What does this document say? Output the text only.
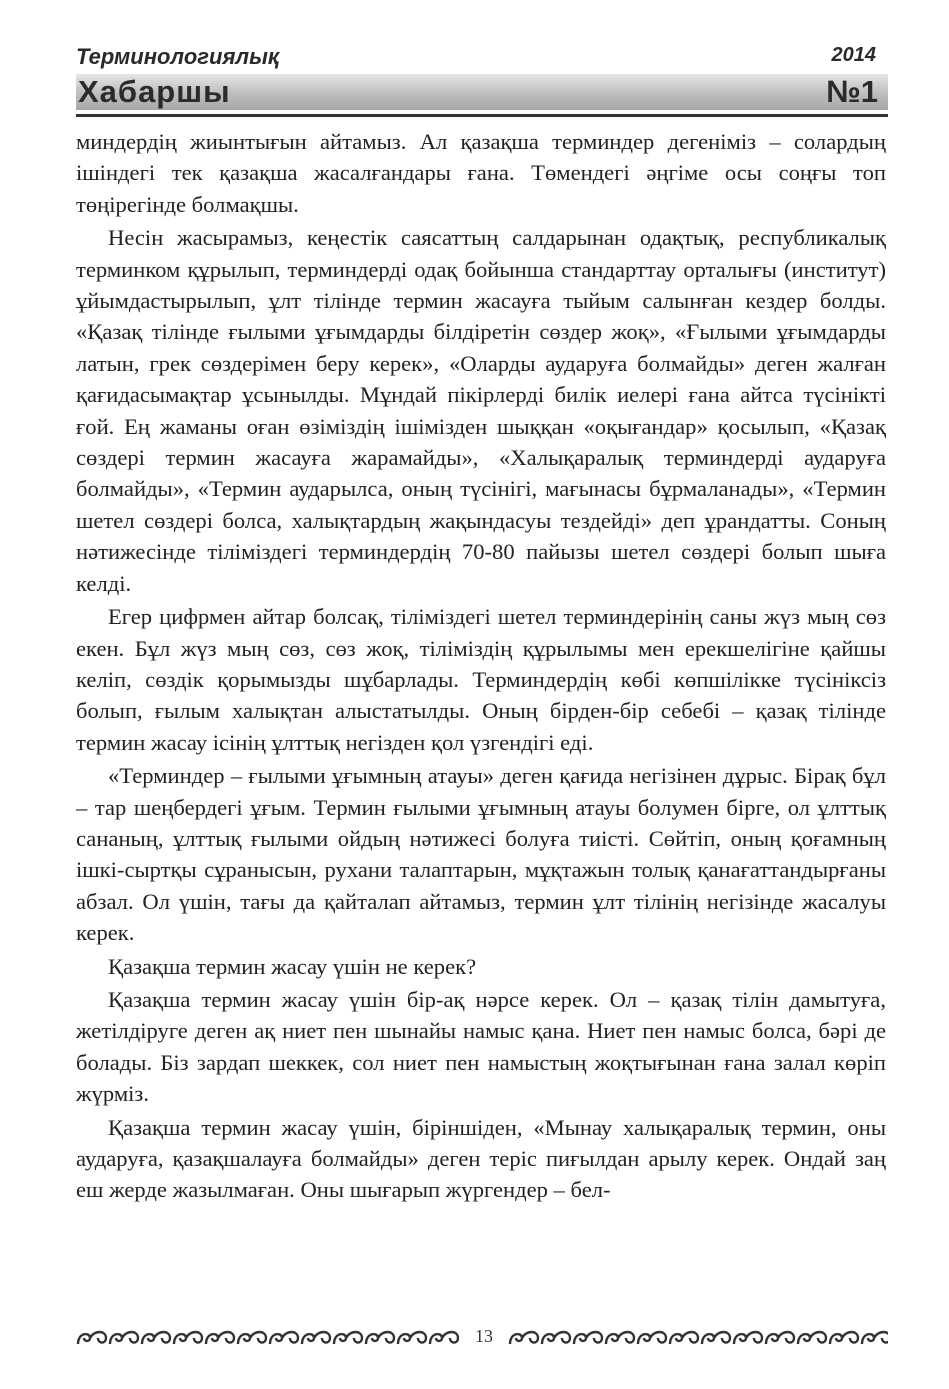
Терминологиялық	2014
Хабаршы	№1

миндердің жиынтығын айтамыз. Ал қазақша терминдер дегеніміз – солардың ішіндегі тек қазақша жасалғандары ғана. Төмендегі әңгіме осы соңғы топ төңірегінде болмақшы.

Несін жасырамыз, кеңестік саясаттың салдарынан одақтық, республикалық терминком құрылып, терминдерді одақ бойынша стандарттау орталығы (институт) ұйымдастырылып, ұлт тілінде термин жасауға тыйым салынған кездер болды. «Қазақ тілінде ғылыми ұғымдарды білдіретін сөздер жоқ», «Ғылыми ұғымдарды латын, грек сөздерімен беру керек», «Оларды аударуға болмайды» деген жалған қағидасымақтар ұсынылды. Мұндай пікірлерді билік иелері ғана айтса түсінікті ғой. Ең жаманы оған өзіміздің ішімізден шыққан «оқығандар» қосылып, «Қазақ сөздері термин жасауға жарамайды», «Халықаралық терминдерді аударуға болмайды», «Термин аударылса, оның түсінігі, мағынасы бұрмаланады», «Термин шетел сөздері болса, халықтардың жақындасуы тездейді» деп ұрандатты. Соның нәтижесінде тіліміздегі терминдердің 70-80 пайызы шетел сөздері болып шыға келді.

Егер цифрмен айтар болсақ, тіліміздегі шетел терминдерінің саны жүз мың сөз екен. Бұл жүз мың сөз, сөз жоқ, тіліміздің құрылымы мен ерекшелігіне қайшы келіп, сөздік қорымызды шұбарлады. Терминдердің көбі көпшілікке түсініксіз болып, ғылым халықтан алыстатылды. Оның бірден-бір себебі – қазақ тілінде термин жасау ісінің ұлттық негізден қол үзгендігі еді.

«Терминдер – ғылыми ұғымның атауы» деген қағида негізінен дұрыс. Бірақ бұл – тар шеңбердегі ұғым. Термин ғылыми ұғымның атауы болумен бірге, ол ұлттық сананың, ұлттық ғылыми ойдың нәтижесі болуға тиісті. Сөйтіп, оның қоғамның ішкі-сыртқы сұранысын, рухани талаптарын, мұқтажын толық қанағаттандырғаны абзал. Ол үшін, тағы да қайталап айтамыз, термин ұлт тілінің негізінде жасалуы керек.

Қазақша термин жасау үшін не керек?

Қазақша термин жасау үшін бір-ақ нәрсе керек. Ол – қазақ тілін дамытуға, жетілдіруге деген ақ ниет пен шынайы намыс қана. Ниет пен намыс болса, бәрі де болады. Біз зардап шеккек, сол ниет пен намыстың жоқтығынан ғана залал көріп жүрміз.

Қазақша термин жасау үшін, біріншіден, «Мынау халықаралық термин, оны аударуға, қазақшалауға болмайды» деген теріс пиғылдан арылу керек. Ондай заң еш жерде жазылмаған. Оны шығарып жүргендер – бел-

13
